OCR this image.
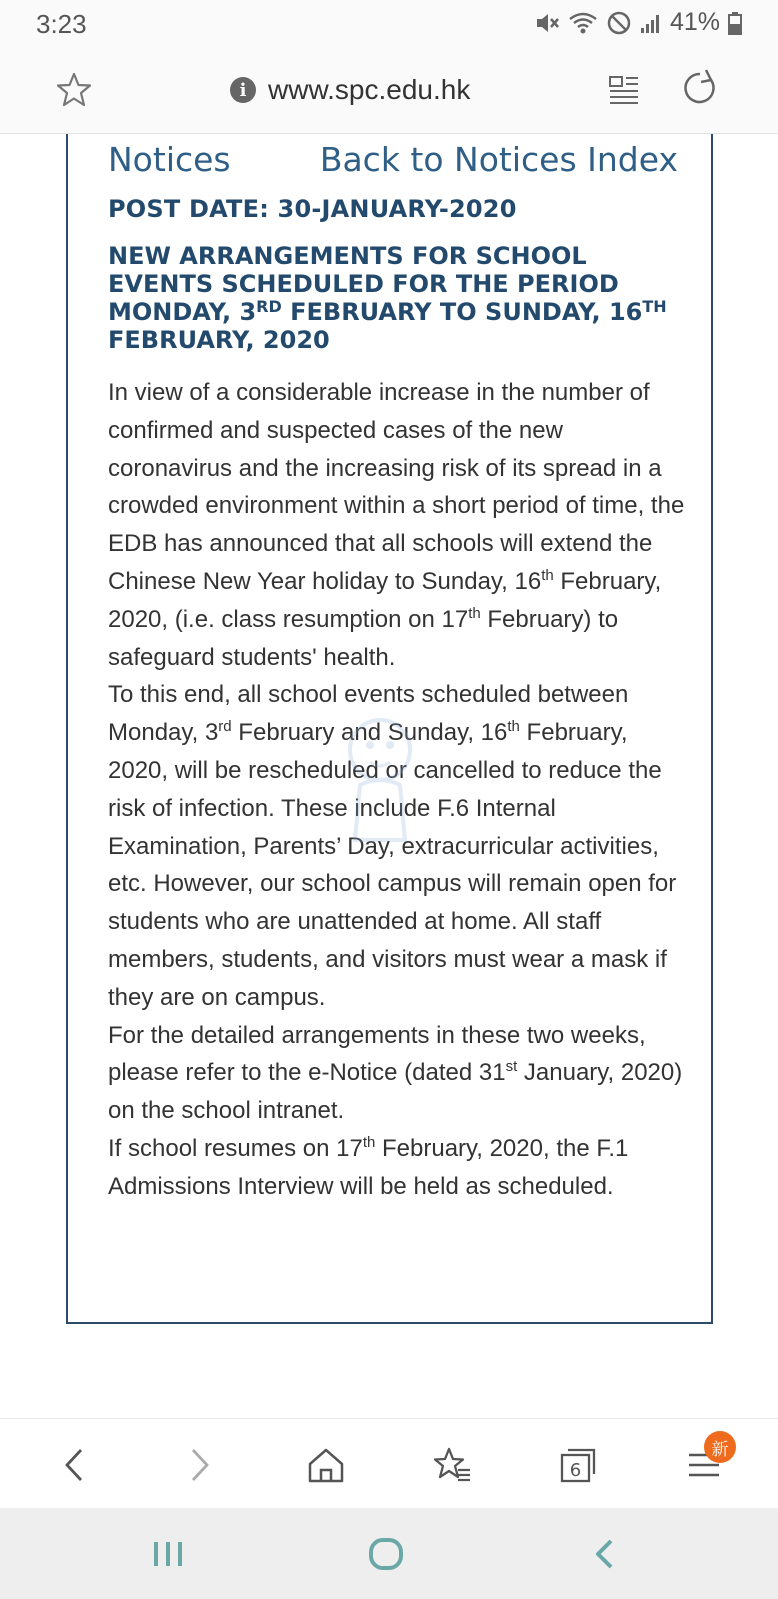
3:23	41%
i www.spc.edu.hk
Notices	Back to Notices Index
POST DATE: 30-JANUARY-2020
NEW ARRANGEMENTS FOR SCHOOL EVENTS SCHEDULED FOR THE PERIOD MONDAY, 3RD FEBRUARY TO SUNDAY, 16TH FEBRUARY, 2020

In view of a considerable increase in the number of confirmed and suspected cases of the new coronavirus and the increasing risk of its spread in a crowded environment within a short period of time, the EDB has announced that all schools will extend the Chinese New Year holiday to Sunday, 16th February, 2020, (i.e. class resumption on 17th February) to safeguard students' health.

To this end, all school events scheduled between Monday, 3rd February and Sunday, 16th February, 2020, will be rescheduled or cancelled to reduce the risk of infection. These include F.6 Internal Examination, Parents’ Day, extracurricular activities, etc. However, our school campus will remain open for students who are unattended at home. All staff members, students, and visitors must wear a mask if they are on campus.

For the detailed arrangements in these two weeks, please refer to the e-Notice (dated 31st January, 2020) on the school intranet.

If school resumes on 17th February, 2020, the F.1 Admissions Interview will be held as scheduled.

6
新
